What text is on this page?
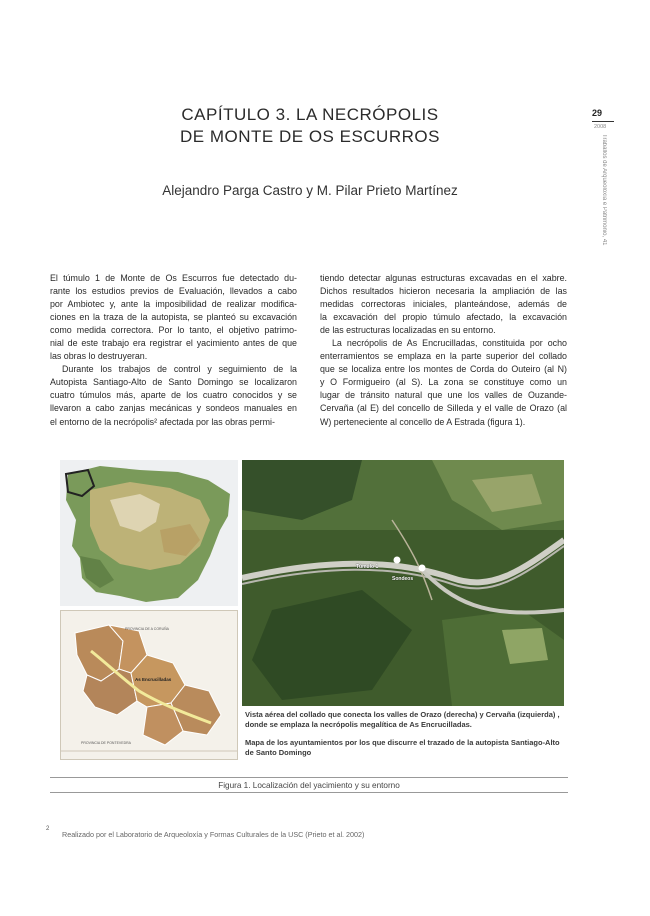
CAPÍTULO 3. LA NECRÓPOLIS
DE MONTE DE OS ESCURROS
Alejandro Parga Castro y M. Pilar Prieto Martínez
29
2008
Traballos de Arqueoloxía e Patrimonio, 41
El túmulo 1 de Monte de Os Escurros fue detectado du-
rante los estudios previos de Evaluación, llevados a cabo
por Ambiotec y, ante la imposibilidad de realizar modifica-
ciones en la traza de la autopista, se planteó su excavación
como medida correctora. Por lo tanto, el objetivo patrimo-
nial de este trabajo era registrar el yacimiento antes de que
las obras lo destruyeran.
Durante los trabajos de control y seguimiento de la
Autopista Santiago-Alto de Santo Domingo se localizaron
cuatro túmulos más, aparte de los cuatro conocidos y se
llevaron a cabo zanjas mecánicas y sondeos manuales en
el entorno de la necrópolis² afectada por las obras permi-
tiendo detectar algunas estructuras excavadas en el xabre.
Dichos resultados hicieron necesaria la ampliación de las
medidas correctoras iniciales, planteándose, además de
la excavación del propio túmulo afectado, la excavación
de las estructuras localizadas en su entorno.
La necrópolis de As Encrucilladas, constituida por ocho
enterramientos se emplaza en la parte superior del collado
que se localiza entre los montes de Corda do Outeiro (al N)
y O Formigueiro (al S). La zona se constituye como un
lugar de tránsito natural que une los valles de Ouzande-
Cervaña (al E) del concello de Silleda y el valle de Orazo (al
W) perteneciente al concello de A Estrada (figura 1).
PROVINCIA DE A CORUÑA
PROVINCIA DE PONTEVEDRA
As Encrucilladas
Túmulo 1
Sondeos
Vista aérea del collado que conecta los valles de Orazo (derecha) y Cervaña (izquierda) , donde se emplaza la necrópolis megalítica de As Encrucilladas.
Mapa de los ayuntamientos por los que discurre el trazado de la autopista Santiago-Alto de Santo Domingo
Figura 1. Localización del yacimiento y su entorno
2
Realizado por el Laboratorio de Arqueoloxía y Formas Culturales de la USC (Prieto et al. 2002)
